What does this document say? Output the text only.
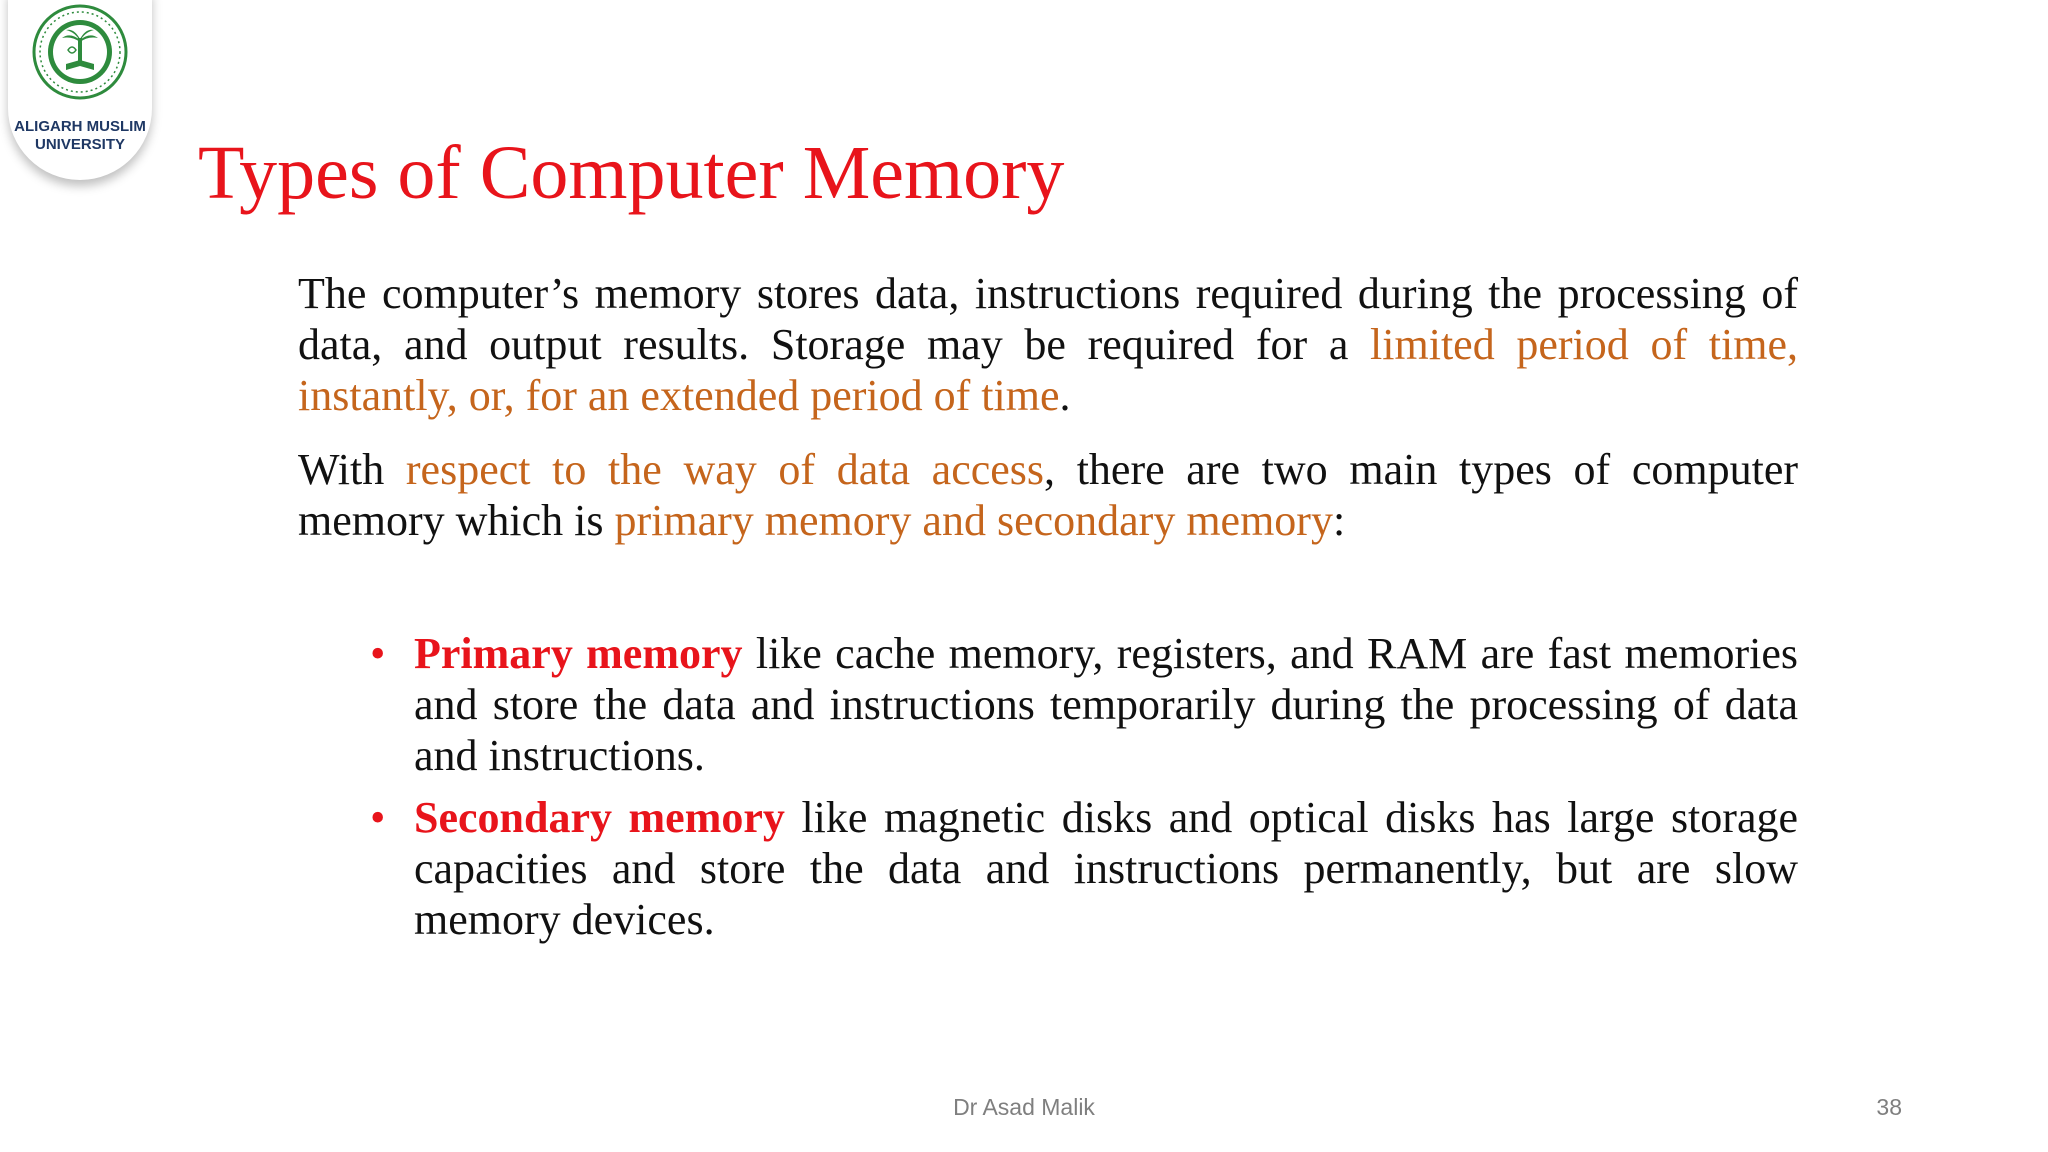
ALIGARH MUSLIM
UNIVERSITY Types of Computer Memory

The computer’s memory stores data, instructions required during the processing of data, and output results. Storage may be required for a limited period of time, instantly, or, for an extended period of time.

With respect to the way of data access, there are two main types of computer memory which is primary memory and secondary memory:

• Primary memory like cache memory, registers, and RAM are fast memories and store the data and instructions temporarily during the processing of data and instructions.
• Secondary memory like magnetic disks and optical disks has large storage capacities and store the data and instructions permanently, but are slow memory devices.
Dr Asad Malik	38
